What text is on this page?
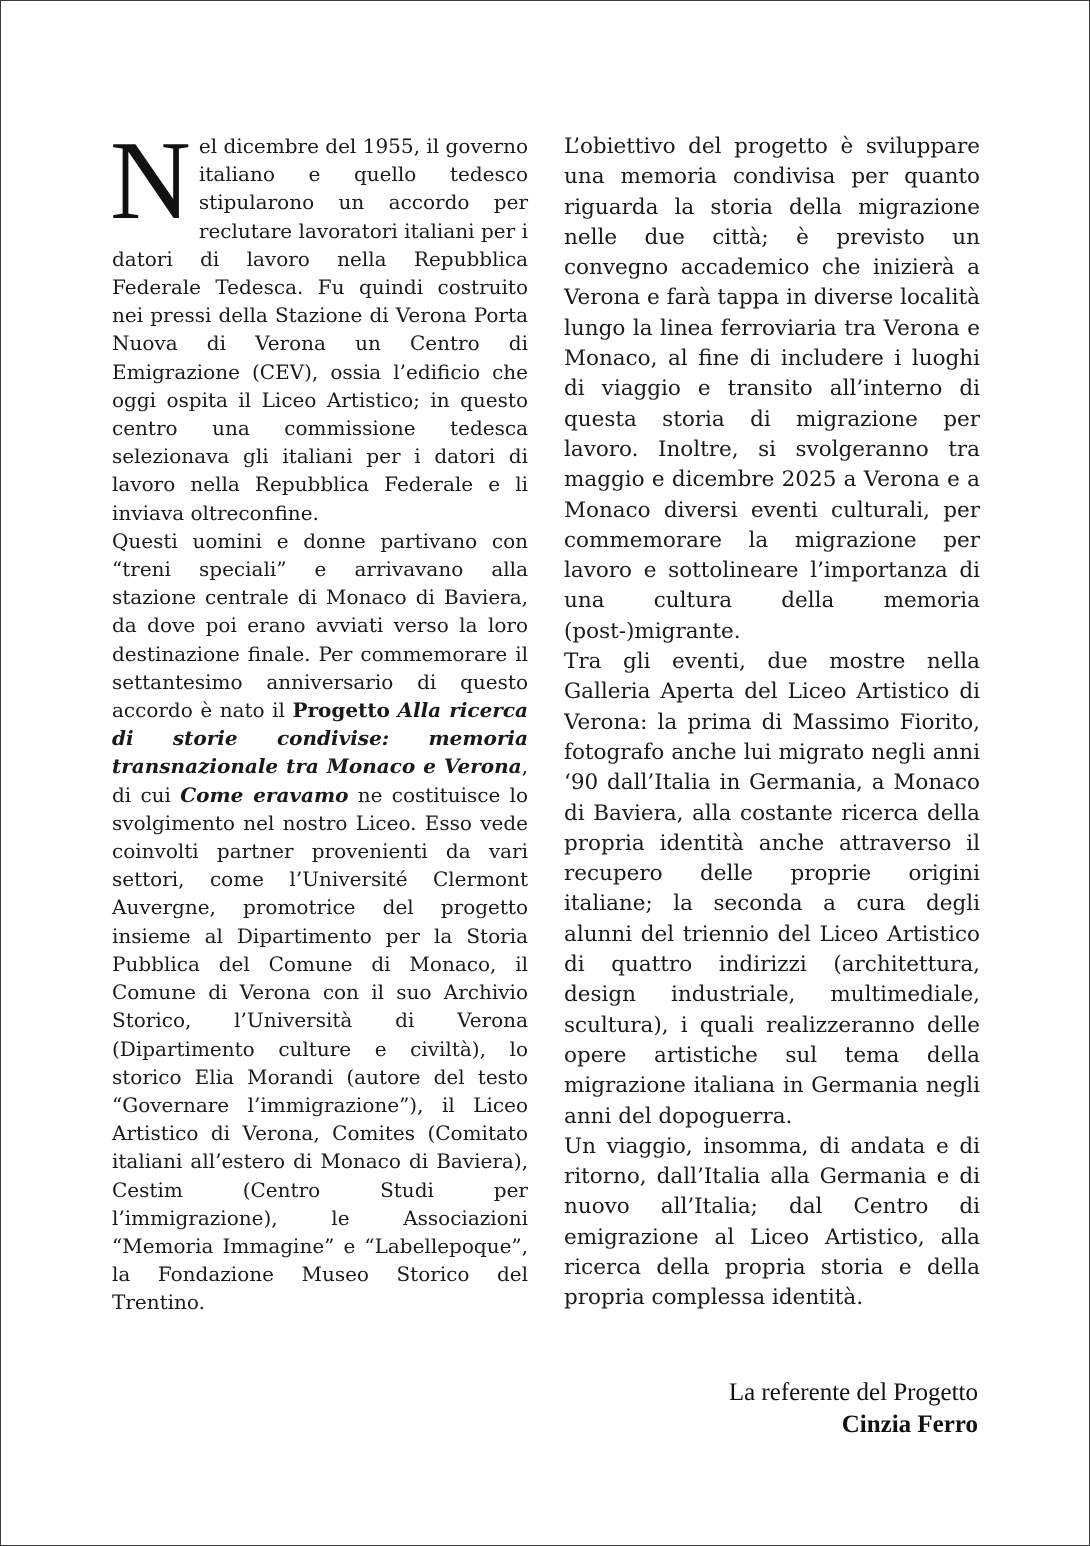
Nel dicembre del 1955, il governo italiano e quello tedesco stipularono un accordo per reclutare lavoratori italiani per i datori di lavoro nella Repubblica Federale Tedesca. Fu quindi costruito nei pressi della Stazione di Verona Porta Nuova di Verona un Centro di Emigrazione (CEV), ossia l’edificio che oggi ospita il Liceo Artistico; in questo centro una commissione tedesca selezionava gli italiani per i datori di lavoro nella Repubblica Federale e li inviava oltreconfine.

Questi uomini e donne partivano con “treni speciali” e arrivavano alla stazione centrale di Monaco di Baviera, da dove poi erano avviati verso la loro destinazione finale. Per commemorare il settantesimo anniversario di questo accordo è nato il Progetto Alla ricerca di storie condivise: memoria transnazionale tra Monaco e Verona, di cui Come eravamo ne costituisce lo svolgimento nel nostro Liceo. Esso vede coinvolti partner provenienti da vari settori, come l’Université Clermont Auvergne, promotrice del progetto insieme al Dipartimento per la Storia Pubblica del Comune di Monaco, il Comune di Verona con il suo Archivio Storico, l’Università di Verona (Dipartimento culture e civiltà), lo storico Elia Morandi (autore del testo “Governare l’immigrazione”), il Liceo Artistico di Verona, Comites (Comitato italiani all’estero di Monaco di Baviera), Cestim (Centro Studi per l’immigrazione), le Associazioni “Memoria Immagine” e “Labellepoque”, la Fondazione Museo Storico del Trentino.

L’obiettivo del progetto è sviluppare una memoria condivisa per quanto riguarda la storia della migrazione nelle due città; è previsto un convegno accademico che inizierà a Verona e farà tappa in diverse località lungo la linea ferroviaria tra Verona e Monaco, al fine di includere i luoghi di viaggio e transito all’interno di questa storia di migrazione per lavoro. Inoltre, si svolgeranno tra maggio e dicembre 2025 a Verona e a Monaco diversi eventi culturali, per commemorare la migrazione per lavoro e sottolineare l’importanza di una cultura della memoria (post-)migrante.

Tra gli eventi, due mostre nella Galleria Aperta del Liceo Artistico di Verona: la prima di Massimo Fiorito, fotografo anche lui migrato negli anni ‘90 dall’Italia in Germania, a Monaco di Baviera, alla costante ricerca della propria identità anche attraverso il recupero delle proprie origini italiane; la seconda a cura degli alunni del triennio del Liceo Artistico di quattro indirizzi (architettura, design industriale, multimediale, scultura), i quali realizzeranno delle opere artistiche sul tema della migrazione italiana in Germania negli anni del dopoguerra.

Un viaggio, insomma, di andata e di ritorno, dall’Italia alla Germania e di nuovo all’Italia; dal Centro di emigrazione al Liceo Artistico, alla ricerca della propria storia e della propria complessa identità.

La referente del Progetto
Cinzia Ferro
